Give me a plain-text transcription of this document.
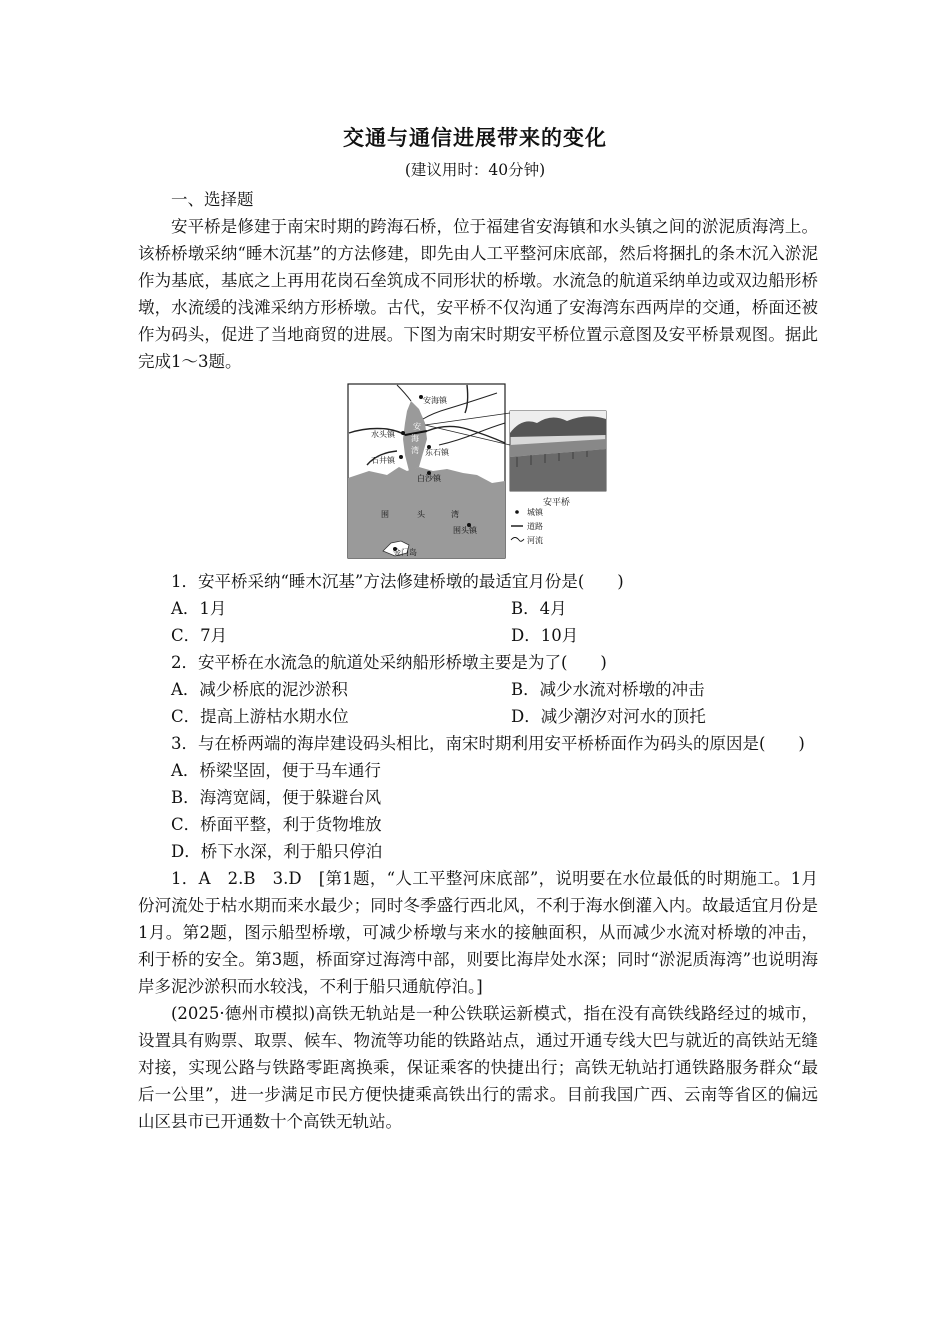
交通与通信进展带来的变化
(建议用时：40分钟)

一、选择题

安平桥是修建于南宋时期的跨海石桥，位于福建省安海镇和水头镇之间的淤泥质海湾上。该桥桥墩采纳“睡木沉基”的方法修建，即先由人工平整河床底部，然后将捆扎的条木沉入淤泥作为基底，基底之上再用花岗石垒筑成不同形状的桥墩。水流急的航道采纳单边或双边船形桥墩，水流缓的浅滩采纳方形桥墩。古代，安平桥不仅沟通了安海湾东西两岸的交通，桥面还被作为码头，促进了当地商贸的进展。下图为南宋时期安平桥位置示意图及安平桥景观图。据此完成1～3题。

安海镇
水头镇
安
海
湾 东石镇
石井镇
白沙镇
围	头	湾
围头镇
金门岛
安平桥
城镇
道路
河流

1．安平桥采纳“睡木沉基”方法修建桥墩的最适宜月份是(　　)

A．1月	B．4月
C．7月	D．10月

2．安平桥在水流急的航道处采纳船形桥墩主要是为了(　　)

A．减少桥底的泥沙淤积	B．减少水流对桥墩的冲击
C．提高上游枯水期水位	D．减少潮汐对河水的顶托

3．与在桥两端的海岸建设码头相比，南宋时期利用安平桥桥面作为码头的原因是(　　)

A．桥梁坚固，便于马车通行

B．海湾宽阔，便于躲避台风

C．桥面平整，利于货物堆放

D．桥下水深，利于船只停泊

1．A　2.B　3.D　[第1题，“人工平整河床底部”，说明要在水位最低的时期施工。1月份河流处于枯水期而来水最少；同时冬季盛行西北风，不利于海水倒灌入内。故最适宜月份是1月。第2题，图示船型桥墩，可减少桥墩与来水的接触面积，从而减少水流对桥墩的冲击，利于桥的安全。第3题，桥面穿过海湾中部，则要比海岸处水深；同时“淤泥质海湾”也说明海岸多泥沙淤积而水较浅，不利于船只通航停泊。]

(2025·德州市模拟)高铁无轨站是一种公铁联运新模式，指在没有高铁线路经过的城市，设置具有购票、取票、候车、物流等功能的铁路站点，通过开通专线大巴与就近的高铁站无缝对接，实现公路与铁路零距离换乘，保证乘客的快捷出行；高铁无轨站打通铁路服务群众“最后一公里”，进一步满足市民方便快捷乘高铁出行的需求。目前我国广西、云南等省区的偏远山区县市已开通数十个高铁无轨站。
